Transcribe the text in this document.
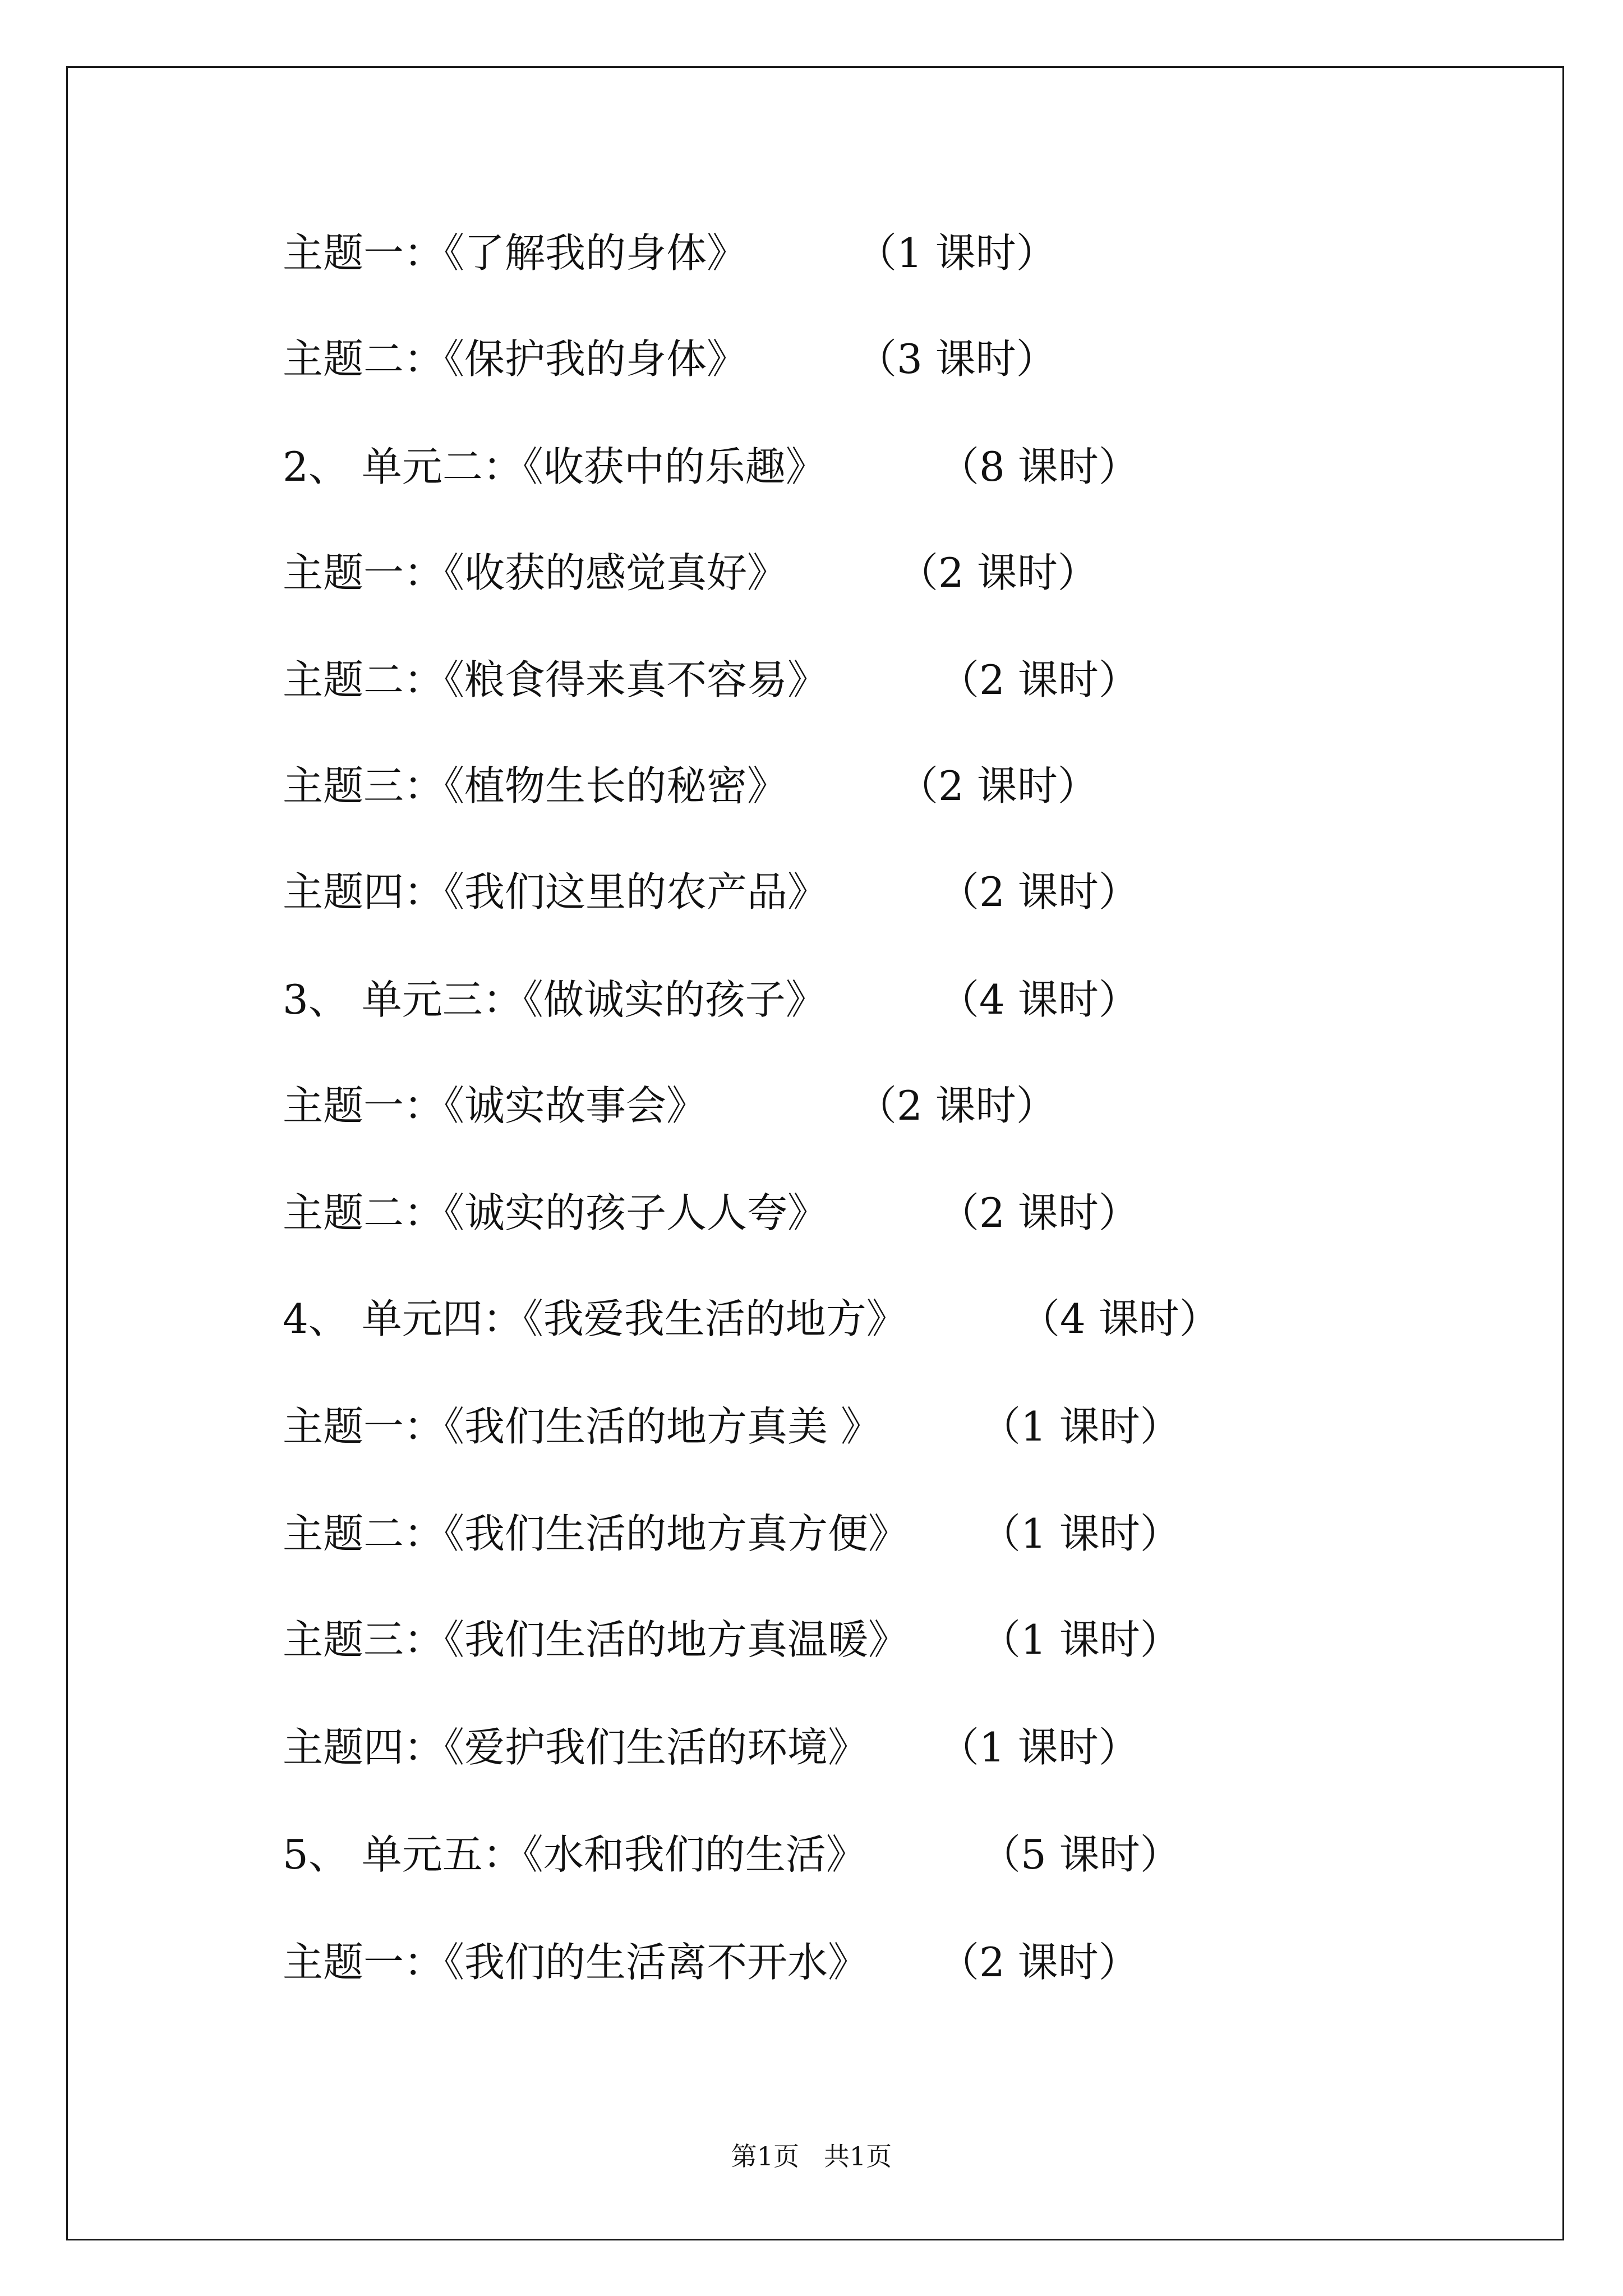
主题一：《了解我的身体》	（1 课时）
主题二：《保护我的身体》	（3 课时）
2、 单元二：《收获中的乐趣》	（8 课时）
主题一：《收获的感觉真好》	（2 课时）
主题二：《粮食得来真不容易》	（2 课时）
主题三：《植物生长的秘密》	（2 课时）
主题四：《我们这里的农产品》	（2 课时）
3、 单元三：《做诚实的孩子》	（4 课时）
主题一：《诚实故事会》	（2 课时）
主题二：《诚实的孩子人人夸》	（2 课时）
4、 单元四：《我爱我生活的地方》	（4 课时）
主题一：《我们生活的地方真美 》 （1 课时）
主题二：《我们生活的地方真方便》 （1 课时）
主题三：《我们生活的地方真温暖》 （1 课时）
主题四：《爱护我们生活的环境》 （1 课时）
5、 单元五：《水和我们的生活》	（5 课时）
主题一：《我们的生活离不开水》 （2 课时）
第1页   共1页
